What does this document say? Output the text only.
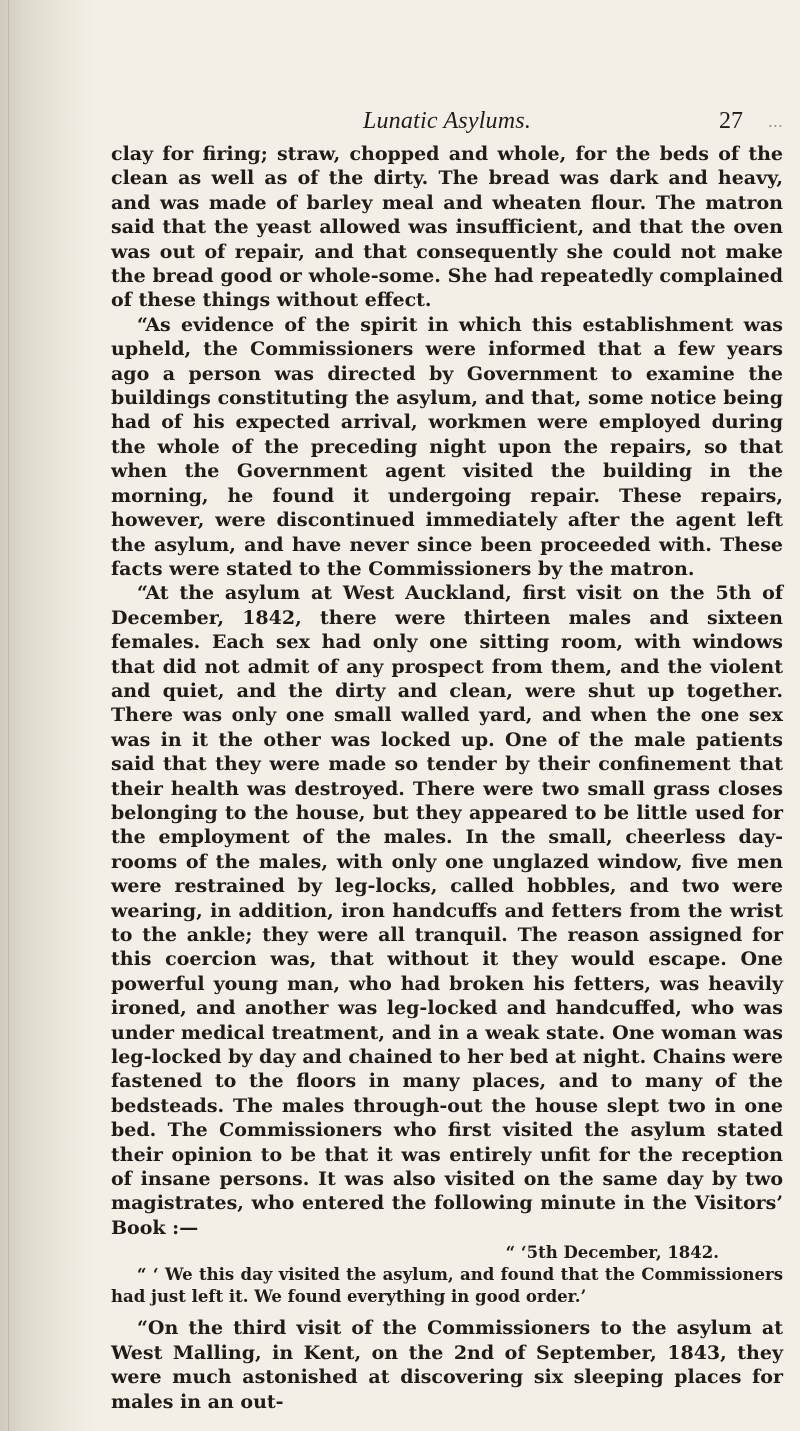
Lunatic Asylums.	27 ...

clay for firing; straw, chopped and whole, for the beds of the clean as well as of the dirty. The bread was dark and heavy, and was made of barley meal and wheaten flour. The matron said that the yeast allowed was insufficient, and that the oven was out of repair, and that consequently she could not make the bread good or whole-some. She had repeatedly complained of these things without effect.

“As evidence of the spirit in which this establishment was upheld, the Commissioners were informed that a few years ago a person was directed by Government to examine the buildings constituting the asylum, and that, some notice being had of his expected arrival, workmen were employed during the whole of the preceding night upon the repairs, so that when the Government agent visited the building in the morning, he found it undergoing repair. These repairs, however, were discontinued immediately after the agent left the asylum, and have never since been proceeded with. These facts were stated to the Commissioners by the matron.

“At the asylum at West Auckland, first visit on the 5th of December, 1842, there were thirteen males and sixteen females. Each sex had only one sitting room, with windows that did not admit of any prospect from them, and the violent and quiet, and the dirty and clean, were shut up together. There was only one small walled yard, and when the one sex was in it the other was locked up. One of the male patients said that they were made so tender by their confinement that their health was destroyed. There were two small grass closes belonging to the house, but they appeared to be little used for the employment of the males. In the small, cheerless day-rooms of the males, with only one unglazed window, five men were restrained by leg-locks, called hobbles, and two were wearing, in addition, iron handcuffs and fetters from the wrist to the ankle; they were all tranquil. The reason assigned for this coercion was, that without it they would escape. One powerful young man, who had broken his fetters, was heavily ironed, and another was leg-locked and handcuffed, who was under medical treatment, and in a weak state. One woman was leg-locked by day and chained to her bed at night. Chains were fastened to the floors in many places, and to many of the bedsteads. The males through-out the house slept two in one bed. The Commissioners who first visited the asylum stated their opinion to be that it was entirely unfit for the reception of insane persons. It was also visited on the same day by two magistrates, who entered the following minute in the Visitors’ Book :—

“ ‘5th December, 1842.

“ ‘ We this day visited the asylum, and found that the Commissioners had just left it. We found everything in good order.’

“On the third visit of the Commissioners to the asylum at West Malling, in Kent, on the 2nd of September, 1843, they were much astonished at discovering six sleeping places for males in an out-
